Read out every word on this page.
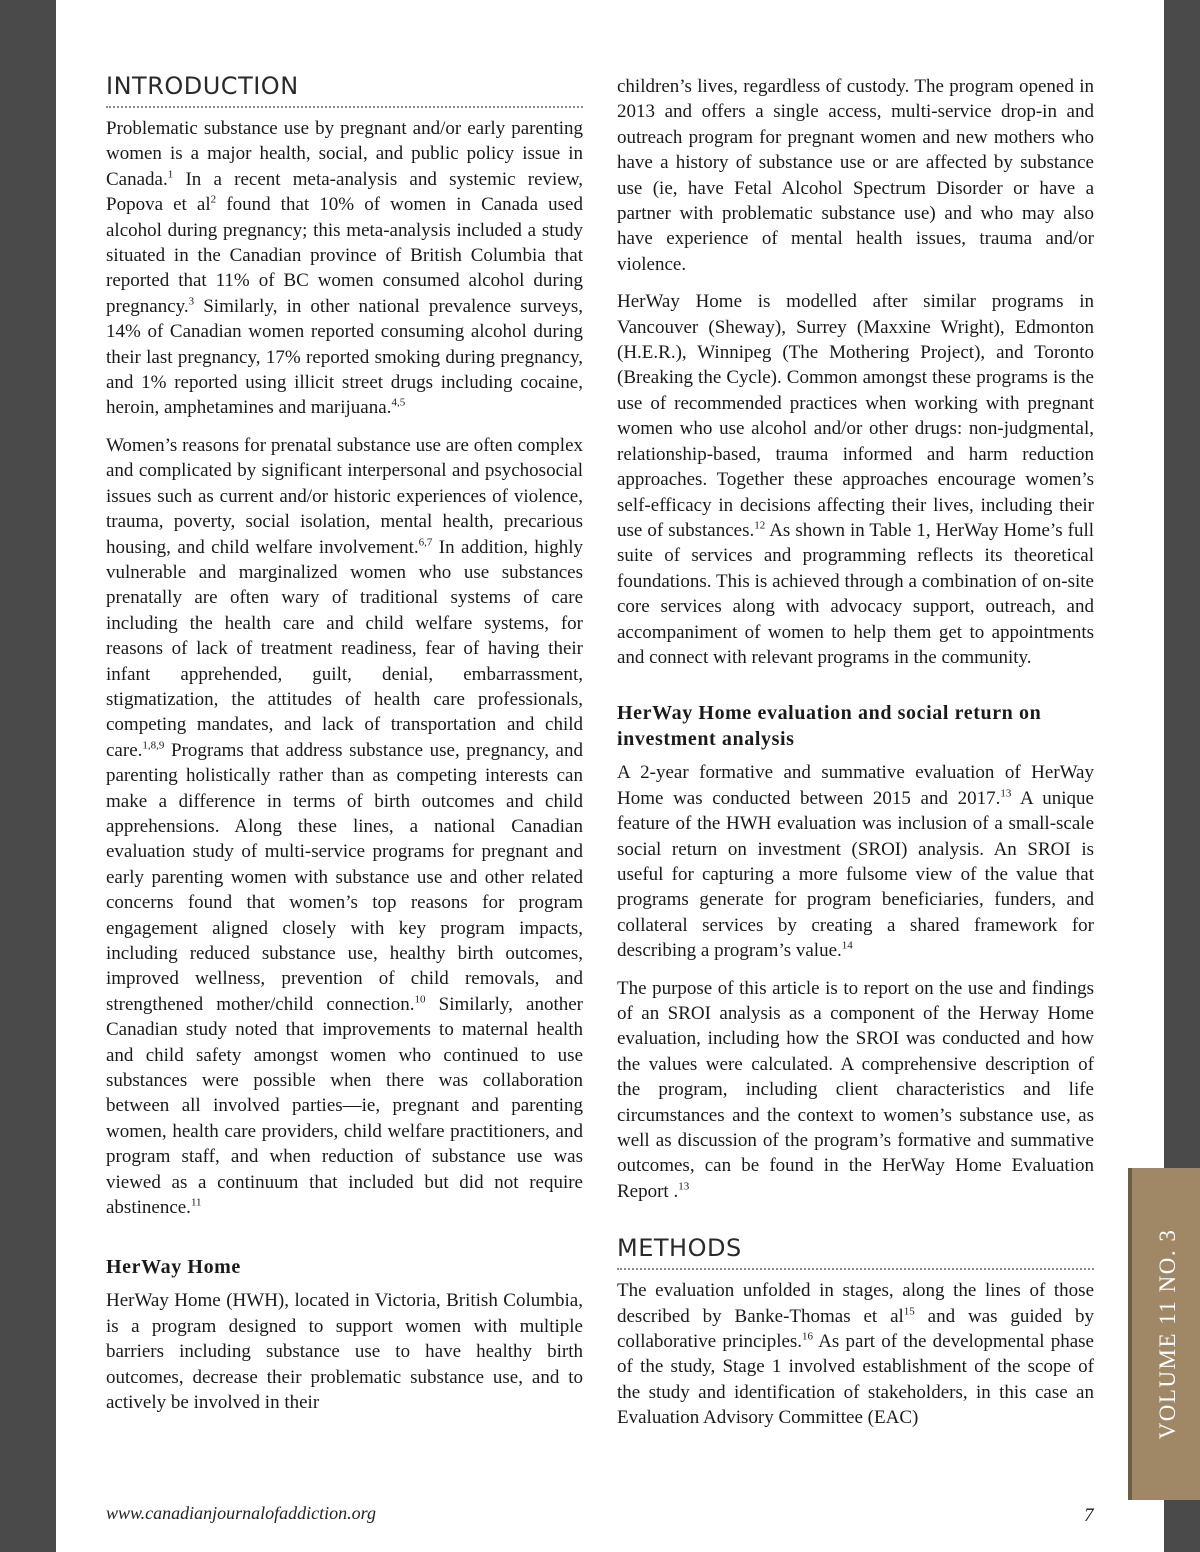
INTRODUCTION

Problematic substance use by pregnant and/or early parenting women is a major health, social, and public policy issue in Canada.$^1$ In a recent meta-analysis and systemic review, Popova et $al^2$ found that 10% of women in Canada used alcohol during pregnancy; this meta-analysis included a study situated in the Canadian province of British Columbia that reported that 11% of BC women consumed alcohol during pregnancy.$^3$ Similarly, in other national prevalence surveys, 14% of Canadian women reported consuming alcohol during their last pregnancy, 17% reported smoking during pregnancy, and 1% reported using illicit street drugs including cocaine, heroin, amphetamines and marijuana.$^{4,5}$

Women’s reasons for prenatal substance use are often complex and complicated by significant interpersonal and psychosocial issues such as current and/or historic experiences of violence, trauma, poverty, social isolation, mental health, precarious housing, and child welfare involvement.$^{6,7}$ In addition, highly vulnerable and marginalized women who use substances prenatally are often wary of traditional systems of care including the health care and child welfare systems, for reasons of lack of treatment readiness, fear of having their infant apprehended, guilt, denial, embarrassment, stigmatization, the attitudes of health care professionals, competing mandates, and lack of transportation and child care.$^{1,8,9}$ Programs that address substance use, pregnancy, and parenting holistically rather than as competing interests can make a difference in terms of birth outcomes and child apprehensions. Along these lines, a national Canadian evaluation study of multi-service programs for pregnant and early parenting women with substance use and other related concerns found that women’s top reasons for program engagement aligned closely with key program impacts, including reduced substance use, healthy birth outcomes, improved wellness, prevention of child removals, and strengthened mother/child connection.$^{10}$ Similarly, another Canadian study noted that improvements to maternal health and child safety amongst women who continued to use substances were possible when there was collaboration between all involved parties—ie, pregnant and parenting women, health care providers, child welfare practitioners, and program staff, and when reduction of substance use was viewed as a continuum that included but did not require abstinence.$^{11}$

HerWay Home

HerWay Home (HWH), located in Victoria, British Columbia, is a program designed to support women with multiple barriers including substance use to have healthy birth outcomes, decrease their problematic substance use, and to actively be involved in their

children’s lives, regardless of custody. The program opened in 2013 and offers a single access, multi-service drop-in and outreach program for pregnant women and new mothers who have a history of substance use or are affected by substance use (ie, have Fetal Alcohol Spectrum Disorder or have a partner with problematic substance use) and who may also have experience of mental health issues, trauma and/or violence.

HerWay Home is modelled after similar programs in Vancouver (Sheway), Surrey (Maxxine Wright), Edmonton (H.E.R.), Winnipeg (The Mothering Project), and Toronto (Breaking the Cycle). Common amongst these programs is the use of recommended practices when working with pregnant women who use alcohol and/or other drugs: non-judgmental, relationship-based, trauma informed and harm reduction approaches. Together these approaches encourage women’s self-efficacy in decisions affecting their lives, including their use of substances.$^{12}$ As shown in Table 1, HerWay Home’s full suite of services and programming reflects its theoretical foundations. This is achieved through a combination of on-site core services along with advocacy support, outreach, and accompaniment of women to help them get to appointments and connect with relevant programs in the community.

HerWay Home evaluation and social return on investment analysis

A 2-year formative and summative evaluation of HerWay Home was conducted between 2015 and 2017.13 A unique feature of the HWH evaluation was inclusion of a small-scale social return on investment (SROI) analysis. An SROI is useful for capturing a more fulsome view of the value that programs generate for program beneficiaries, funders, and collateral services by creating a shared framework for describing a program’s value.$^{14}$

The purpose of this article is to report on the use and findings of an SROI analysis as a component of the Herway Home evaluation, including how the SROI was conducted and how the values were calculated. A comprehensive description of the program, including client characteristics and life circumstances and the context to women’s substance use, as well as discussion of the program’s formative and summative outcomes, can be found in the HerWay Home Evaluation Report .$^{13}$

METHODS

The evaluation unfolded in stages, along the lines of those described by Banke-Thomas et $al^{15}$ and was guided by collaborative principles.$^{16}$ As part of the developmental phase of the study, Stage 1 involved establishment of the scope of the study and identification of stakeholders, in this case an Evaluation Advisory Committee (EAC)

www.canadianjournalofaddiction.org	7
VOLUME 11 NO. 3
